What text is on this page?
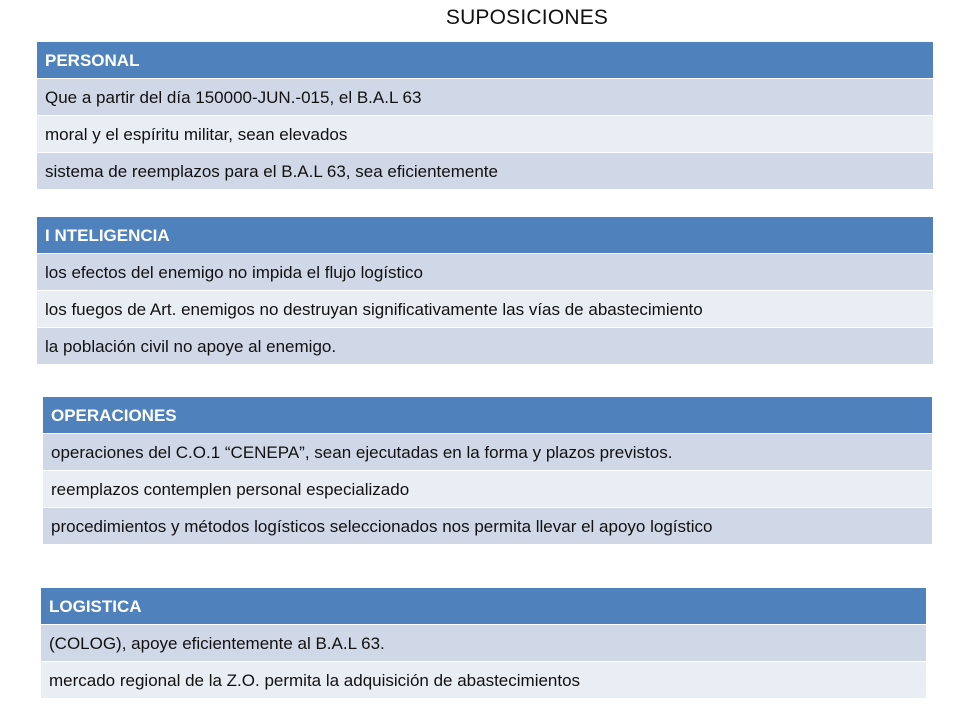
SUPOSICIONES
PERSONAL
Que a partir del día 150000-JUN.-015, el B.A.L 63
moral y el espíritu militar, sean elevados
sistema de reemplazos para el B.A.L 63, sea eficientemente
I NTELIGENCIA
los efectos del enemigo no impida el flujo logístico
los fuegos de Art. enemigos no destruyan significativamente las vías de abastecimiento
la población civil no apoye al enemigo.
OPERACIONES
operaciones del C.O.1 “CENEPA”, sean ejecutadas en la forma y plazos previstos.
reemplazos contemplen personal especializado
procedimientos y métodos logísticos seleccionados nos permita llevar el apoyo logístico
LOGISTICA
(COLOG), apoye eficientemente al B.A.L 63.
mercado regional de la Z.O. permita la adquisición de abastecimientos
